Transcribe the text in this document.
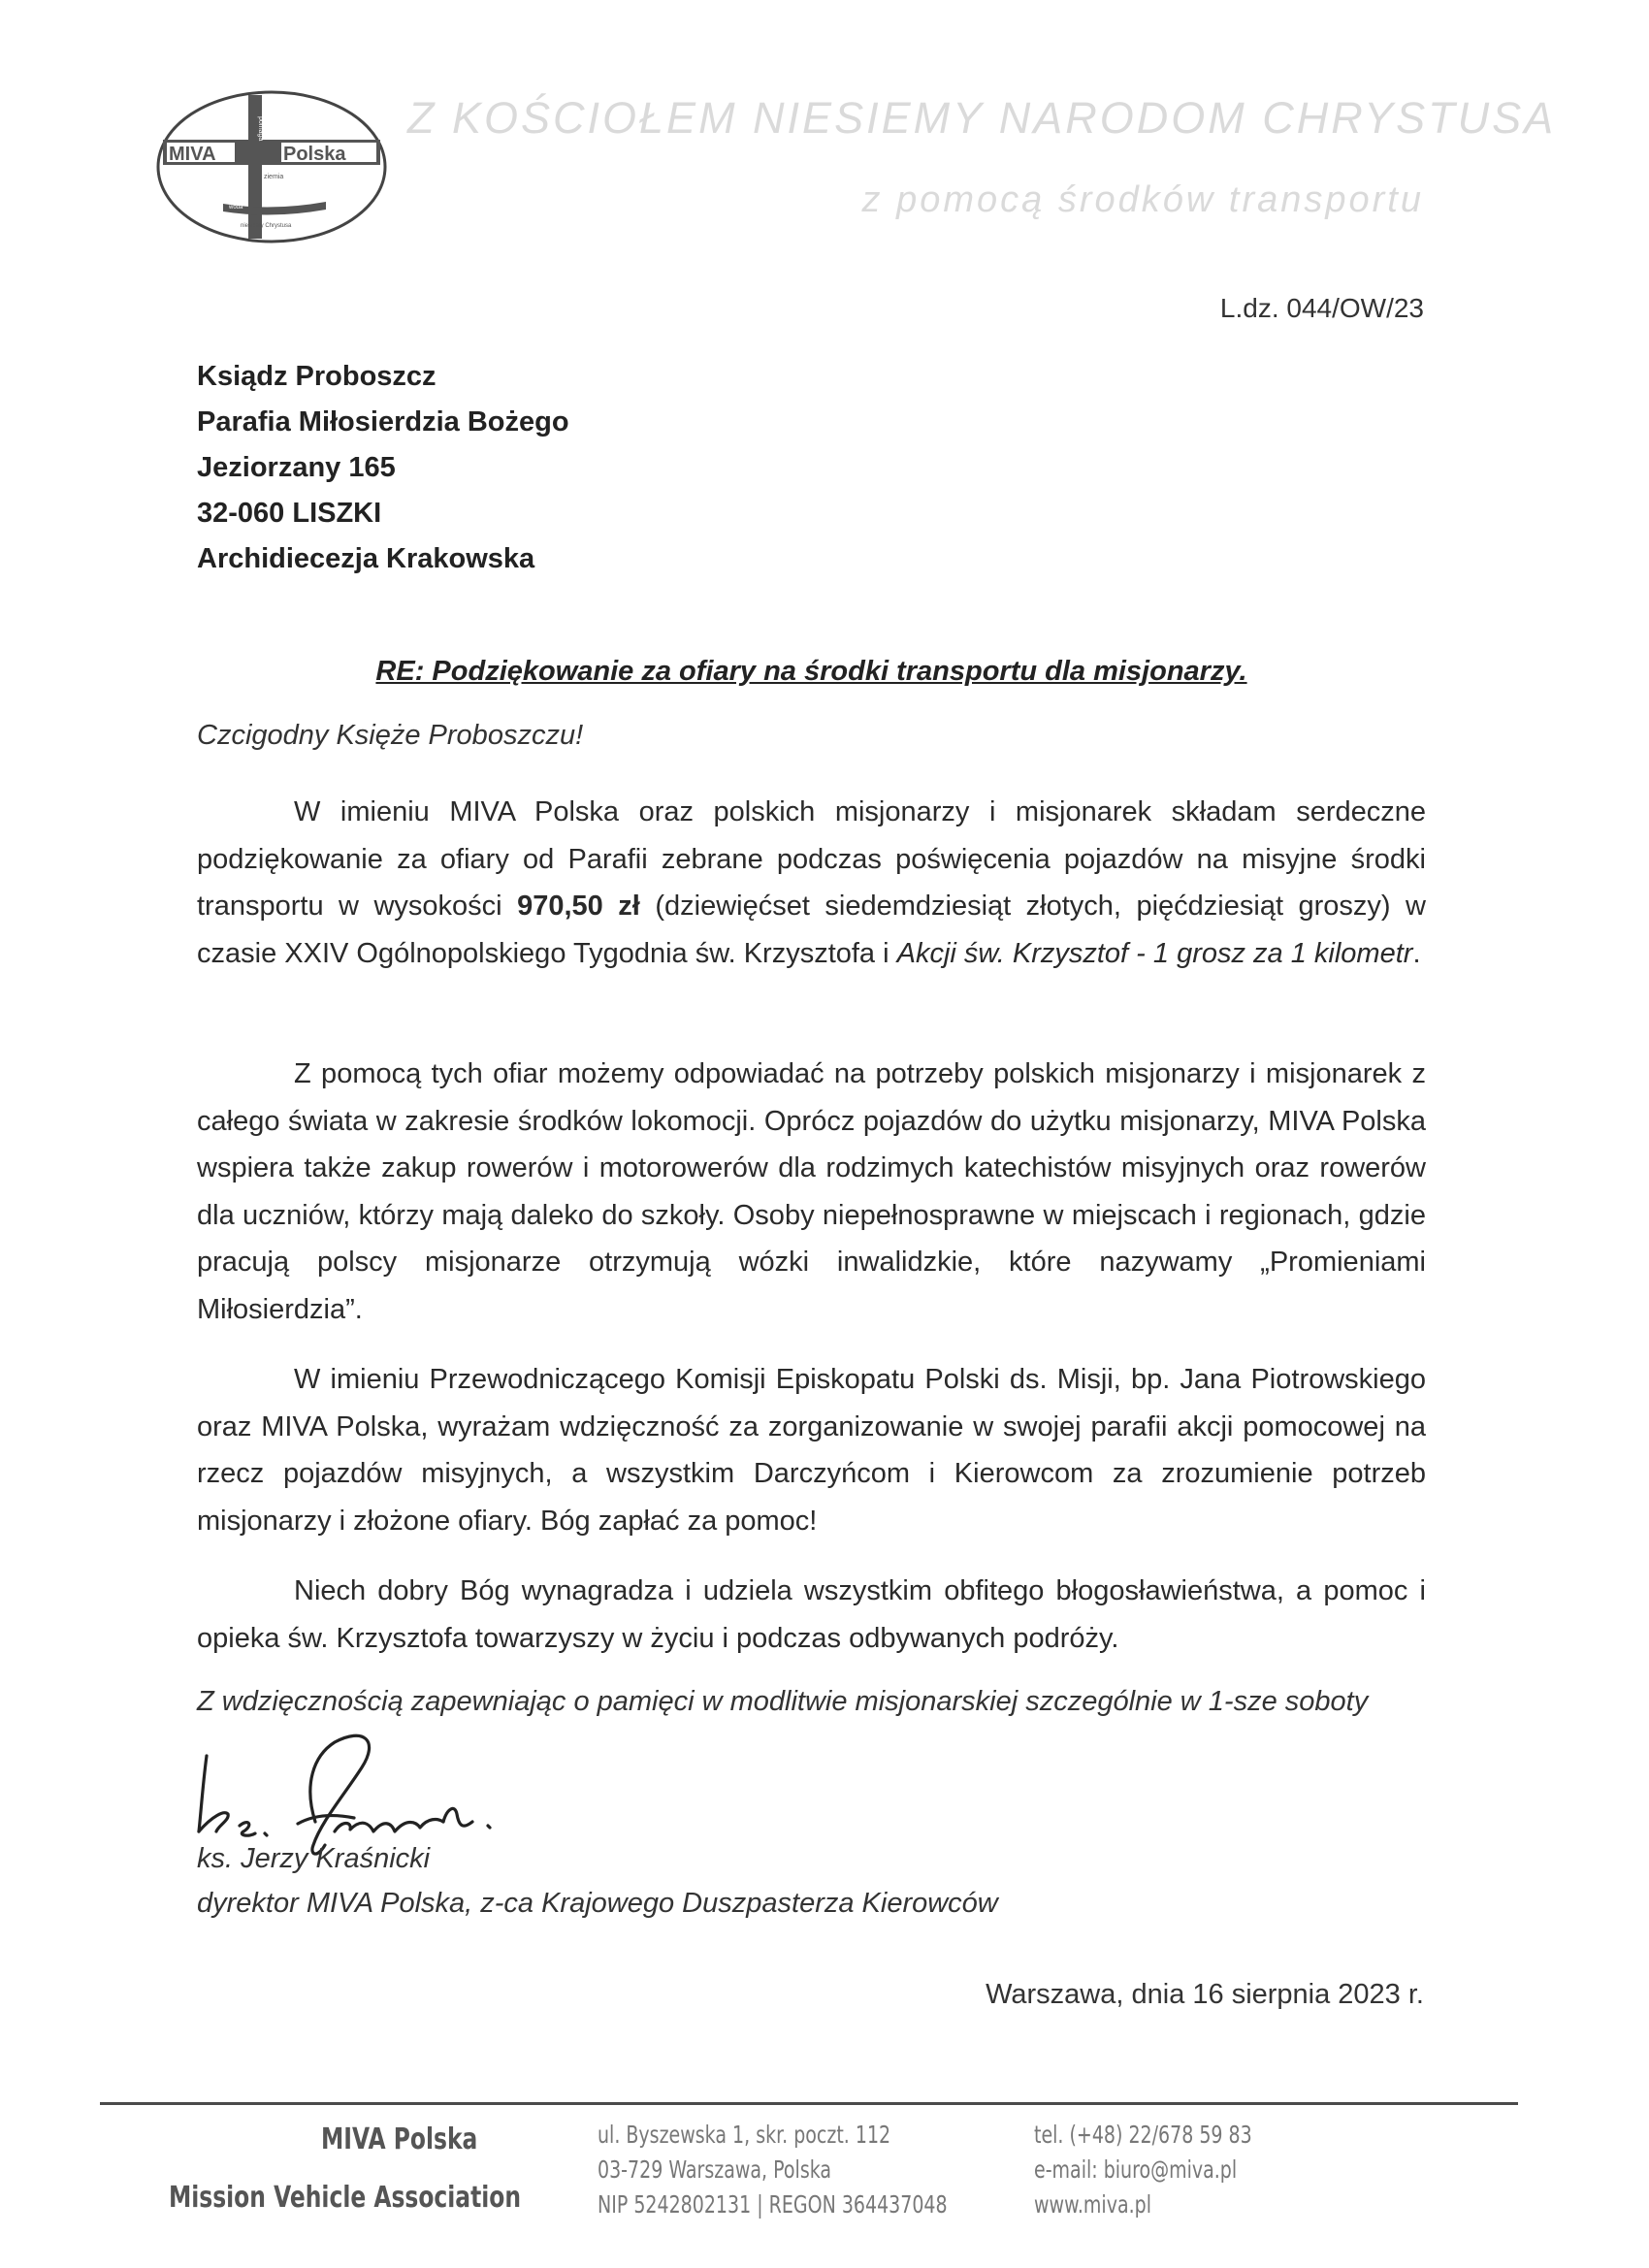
MIVA	Polska
pomaga
ziemia
woda
niesiemy Chrystusa
Z KOŚCIOŁEM NIESIEMY NARODOM CHRYSTUSA
z pomocą środków transportu
L.dz. 044/OW/23
Ksiądz Proboszcz
Parafia Miłosierdzia Bożego
Jeziorzany 165
32-060 LISZKI
Archidiecezja Krakowska
RE: Podziękowanie za ofiary na środki transportu dla misjonarzy.
Czcigodny Księże Proboszczu!
W imieniu MIVA Polska oraz polskich misjonarzy i misjonarek składam serdeczne podziękowanie za ofiary od Parafii zebrane podczas poświęcenia pojazdów na misyjne środki transportu w wysokości 970,50 zł (dziewięćset siedemdziesiąt złotych, pięćdziesiąt groszy) w czasie XXIV Ogólnopolskiego Tygodnia św. Krzysztofa i Akcji św. Krzysztof - 1 grosz za 1 kilometr.
Z pomocą tych ofiar możemy odpowiadać na potrzeby polskich misjonarzy i misjonarek z całego świata w zakresie środków lokomocji. Oprócz pojazdów do użytku misjonarzy, MIVA Polska wspiera także zakup rowerów i motorowerów dla rodzimych katechistów misyjnych oraz rowerów dla uczniów, którzy mają daleko do szkoły. Osoby niepełnosprawne w miejscach i regionach, gdzie pracują polscy misjonarze otrzymują wózki inwalidzkie, które nazywamy „Promieniami Miłosierdzia”.
W imieniu Przewodniczącego Komisji Episkopatu Polski ds. Misji, bp. Jana Piotrowskiego oraz MIVA Polska, wyrażam wdzięczność za zorganizowanie w swojej parafii akcji pomocowej na rzecz pojazdów misyjnych, a wszystkim Darczyńcom i Kierowcom za zrozumienie potrzeb misjonarzy i złożone ofiary. Bóg zapłać za pomoc!
Niech dobry Bóg wynagradza i udziela wszystkim obfitego błogosławieństwa, a pomoc i opieka św. Krzysztofa towarzyszy w życiu i podczas odbywanych podróży.
Z wdzięcznością zapewniając o pamięci w modlitwie misjonarskiej szczególnie w 1-sze soboty
ks. Jerzy Kraśnicki
dyrektor MIVA Polska, z-ca Krajowego Duszpasterza Kierowców
Warszawa, dnia 16 sierpnia 2023 r.
MIVA Polska
Mission Vehicle Association
ul. Byszewska 1, skr. poczt. 112
03-729 Warszawa, Polska
NIP 5242802131 | REGON 364437048
tel. (+48) 22/678 59 83
e-mail: biuro@miva.pl
www.miva.pl
